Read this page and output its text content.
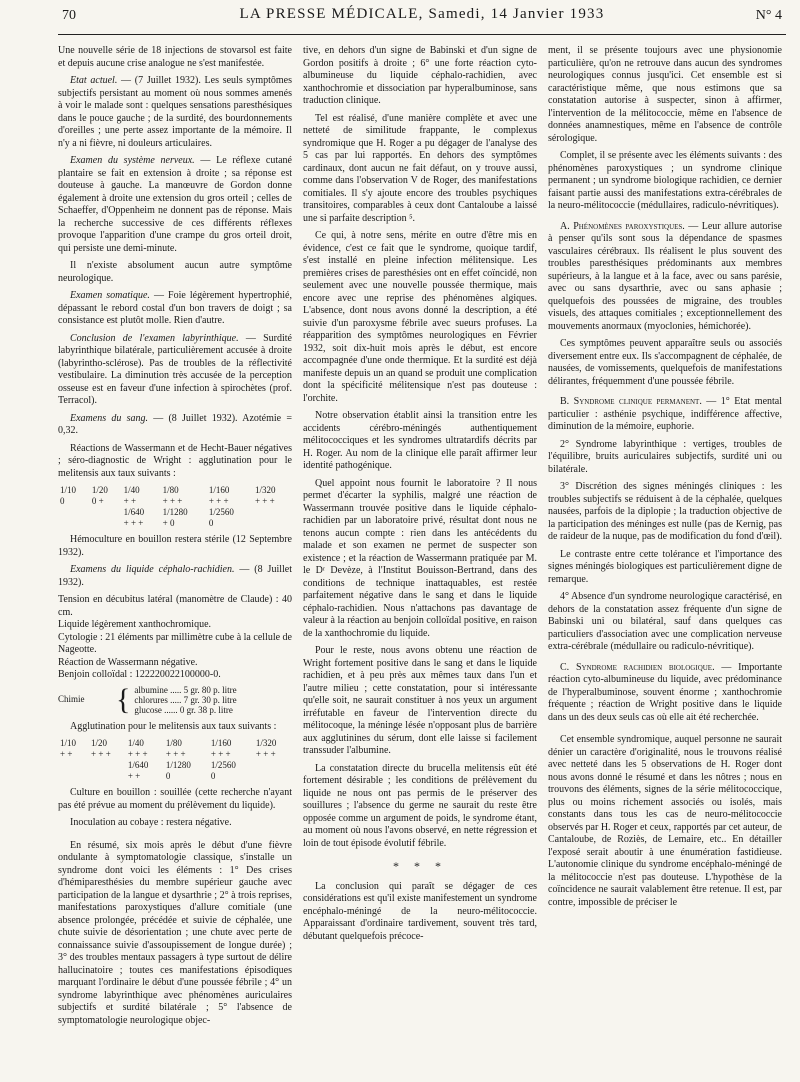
70	LA PRESSE MÉDICALE, Samedi, 14 Janvier 1933	N° 4

Une nouvelle série de 18 injections de stovarsol est faite et depuis aucune crise analogue ne s'est manifestée.

Etat actuel. — (7 Juillet 1932). Les seuls symptômes subjectifs persistant au moment où nous sommes amenés à voir le malade sont : quelques sensations paresthésiques dans le pouce gauche ; de la surdité, des bourdonnements d'oreilles ; une perte assez importante de la mémoire. Il n'y a ni fièvre, ni douleurs articulaires.

Examen du système nerveux. — Le réflexe cutané plantaire se fait en extension à droite ; sa réponse est douteuse à gauche. La manœuvre de Gordon donne également à droite une extension du gros orteil ; celles de Schaeffer, d'Oppenheim ne donnent pas de réponse. Mais la recherche successive de ces différents réflexes provoque l'apparition d'une crampe du gros orteil droit, qui persiste une demi-minute.

Il n'existe absolument aucun autre symptôme neurologique.

Examen somatique. — Foie légèrement hypertrophié, dépassant le rebord costal d'un bon travers de doigt ; sa consistance est plutôt molle. Rien d'autre.

Conclusion de l'examen labyrinthique. — Surdité labyrinthique bilatérale, particulièrement accusée à droite (labyrintho-sclérose). Pas de troubles de la réflectivité vestibulaire. La diminution très accusée de la perception osseuse est en faveur d'une infection à spirochètes (prof. Terracol).

Examens du sang. — (8 Juillet 1932). Azotémie = 0,32.

Réactions de Wassermann et de Hecht-Bauer négatives ; séro-diagnostic de Wright : agglutination pour le melitensis aux taux suivants :

1/10	1/20	1/40	1/80	1/160	1/320
0	0 +	+ +	+ + +	+ + +	+ + +
		1/640	1/1280	1/2560	
		+ + +	+ 0	0	

Hémoculture en bouillon restera stérile (12 Septembre 1932).

Examens du liquide céphalo-rachidien. — (8 Juillet 1932).

Tension en décubitus latéral (manomètre de Claude) : 40 cm.

Liquide légèrement xanthochromique.

Cytologie : 21 éléments par millimètre cube à la cellule de Nageotte.

Réaction de Wassermann négative.

Benjoin colloïdal : 122220022100000-0.

Chimie	{ albumine ..... 5 gr. 80 p. litre
chlorures ..... 7 gr. 30 p. litre
glucose ...... 0 gr. 38 p. litre

Agglutination pour le melitensis aux taux suivants :

1/10	1/20	1/40	1/80	1/160	1/320
+ +	+ + +	+ + +	+ + +	+ + +	+ + +
		1/640	1/1280	1/2560	
		+ +	0	0	

Culture en bouillon : souillée (cette recherche n'ayant pas été prévue au moment du prélèvement du liquide).

Inoculation au cobaye : restera négative.

En résumé, six mois après le début d'une fièvre ondulante à symptomatologie classique, s'installe un syndrome dont voici les éléments : 1° Des crises d'hémiparesthésies du membre supérieur gauche avec participation de la langue et dysarthrie ; 2° à trois reprises, manifestations paroxystiques d'allure comitiale (une absence prolongée, précédée et suivie de céphalée, une chute suivie de désorientation ; une chute avec perte de connaissance suivie d'assoupissement de longue durée) ; 3° des troubles mentaux passagers à type surtout de délire hallucinatoire ; toutes ces manifestations épisodiques marquant l'ordinaire le début d'une poussée fébrile ; 4° un syndrome labyrinthique avec phénomènes auriculaires subjectifs et surdité bilatérale ; 5° l'absence de symptomatologie neurologique objec-

tive, en dehors d'un signe de Babinski et d'un signe de Gordon positifs à droite ; 6° une forte réaction cyto-albumineuse du liquide céphalo-rachidien, avec xanthochromie et dissociation par hyperalbuminose, sans traduction clinique.

Tel est réalisé, d'une manière complète et avec une netteté de similitude frappante, le complexus syndromique que H. Roger a pu dégager de l'analyse des 5 cas par lui rapportés. En dehors des symptômes cardinaux, dont aucun ne fait défaut, on y trouve aussi, comme dans l'observation V de Roger, des manifestations comitiales. Il s'y ajoute encore des troubles psychiques transitoires, comparables à ceux dont Cantaloube a laissé une si parfaite description ⁵.

Ce qui, à notre sens, mérite en outre d'être mis en évidence, c'est ce fait que le syndrome, quoique tardif, s'est installé en pleine infection mélitensique. Les premières crises de paresthésies ont en effet coïncidé, non seulement avec une nouvelle poussée thermique, mais encore avec une reprise des phénomènes algiques. L'absence, dont nous avons donné la description, a été suivie d'un paroxysme fébrile avec sueurs profuses. La réapparition des symptômes neurologiques en Février 1932, soit dix-huit mois après le début, est encore accompagnée d'une onde thermique. Et la surdité est déjà manifeste depuis un an quand se produit une complication dont la spécificité mélitensique n'est pas douteuse : l'orchite.

Notre observation établit ainsi la transition entre les accidents cérébro-méningés authentiquement mélitococciques et les syndromes ultratardifs décrits par H. Roger. Au nom de la clinique elle paraît affirmer leur identité pathogénique.

Quel appoint nous fournit le laboratoire ? Il nous permet d'écarter la syphilis, malgré une réaction de Wassermann trouvée positive dans le liquide céphalo-rachidien par un laboratoire privé, résultat dont nous ne tenons aucun compte : rien dans les antécédents du malade et son examen ne permet de suspecter son existence ; et la réaction de Wassermann pratiquée par M. le Dʳ Devèze, à l'Institut Bouisson-Bertrand, dans des conditions de technique inattaquables, est restée parfaitement négative dans le sang et dans le liquide céphalo-rachidien. Nous n'attachons pas davantage de valeur à la réaction au benjoin colloïdal positive, en raison de la xanthochromie du liquide.

Pour le reste, nous avons obtenu une réaction de Wright fortement positive dans le sang et dans le liquide rachidien, et à peu près aux mêmes taux dans l'un et l'autre milieu ; cette constatation, pour si intéressante qu'elle soit, ne saurait constituer à nos yeux un argument irréfutable en faveur de l'intervention directe du mélitocoque, la méninge lésée n'opposant plus de barrière aux agglutinines du sérum, dont elle laisse si facilement transsuder l'albumine.

La constatation directe du brucella melitensis eût été fortement désirable ; les conditions de prélèvement du liquide ne nous ont pas permis de le préserver des souillures ; l'absence du germe ne saurait du reste être opposée comme un argument de poids, le syndrome étant, au moment où nous l'avons observé, en nette régression et loin de tout épisode évolutif fébrile.

* * *

La conclusion qui paraît se dégager de ces considérations est qu'il existe manifestement un syndrome encéphalo-méningé de la neuro-mélitococcie. Apparaissant d'ordinaire tardivement, souvent très tard, débutant quelquefois précoce-

ment, il se présente toujours avec une physionomie particulière, qu'on ne retrouve dans aucun des syndromes neurologiques connus jusqu'ici. Cet ensemble est si caractéristique même, que nous estimons que sa constatation autorise à suspecter, sinon à affirmer, l'intervention de la mélitococcie, même en l'absence de données anamnestiques, même en l'absence de contrôle sérologique.

Complet, il se présente avec les éléments suivants : des phénomènes paroxystiques ; un syndrome clinique permanent ; un syndrome biologique rachidien, ce dernier faisant partie aussi des manifestations extra-cérébrales de la neuro-mélitococcie (médullaires, radiculo-névritiques).

A. Phénomènes paroxystiques. — Leur allure autorise à penser qu'ils sont sous la dépendance de spasmes vasculaires cérébraux. Ils réalisent le plus souvent des troubles paresthésiques prédominants aux membres supérieurs, à la langue et à la face, avec ou sans parésie, avec ou sans dysarthrie, avec ou sans aphasie ; quelquefois des poussées de migraine, des troubles visuels, des attaques comitiales ; exceptionnellement des mouvements anormaux (myoclonies, hémichorée).

Ces symptômes peuvent apparaître seuls ou associés diversement entre eux. Ils s'accompagnent de céphalée, de nausées, de vomissements, quelquefois de manifestations délirantes, fréquemment d'une poussée fébrile.

B. Syndrome clinique permanent. — 1° Etat mental particulier : asthénie psychique, indifférence affective, diminution de la mémoire, euphorie.

2° Syndrome labyrinthique : vertiges, troubles de l'équilibre, bruits auriculaires subjectifs, surdité uni ou bilatérale.

3° Discrétion des signes méningés cliniques : les troubles subjectifs se réduisent à de la céphalée, quelques nausées, parfois de la diplopie ; la traduction objective de la participation des méninges est nulle (pas de Kernig, pas de raideur de la nuque, pas de modification du fond d'œil).

Le contraste entre cette tolérance et l'importance des signes méningés biologiques est particulièrement digne de remarque.

4° Absence d'un syndrome neurologique caractérisé, en dehors de la constatation assez fréquente d'un signe de Babinski uni ou bilatéral, sauf dans quelques cas particuliers d'association avec une complication nerveuse extra-cérébrale (médullaire ou radiculo-névritique).

C. Syndrome rachidien biologique. — Importante réaction cyto-albumineuse du liquide, avec prédominance de l'hyperalbuminose, souvent énorme ; xanthochromie fréquente ; réaction de Wright positive dans le liquide dans un des deux seuls cas où elle ait été recherchée.

Cet ensemble syndromique, auquel personne ne saurait dénier un caractère d'originalité, nous le trouvons réalisé avec netteté dans les 5 observations de H. Roger dont nous avons donné le résumé et dans les nôtres ; nous en trouvons des éléments, signes de la série mélitococcique, plus ou moins richement associés ou isolés, mais constants dans tous les cas de neuro-mélitococcie observés par H. Roger et ceux, rapportés par cet auteur, de Cantaloube, de Roziès, de Lemaire, etc.. En détailler l'exposé serait aboutir à une énumération fastidieuse. L'autonomie clinique du syndrome encéphalo-méningé de la mélitococcie n'est pas douteuse. L'hypothèse de la coïncidence ne saurait valablement être retenue. Il est, par contre, impossible de préciser le
